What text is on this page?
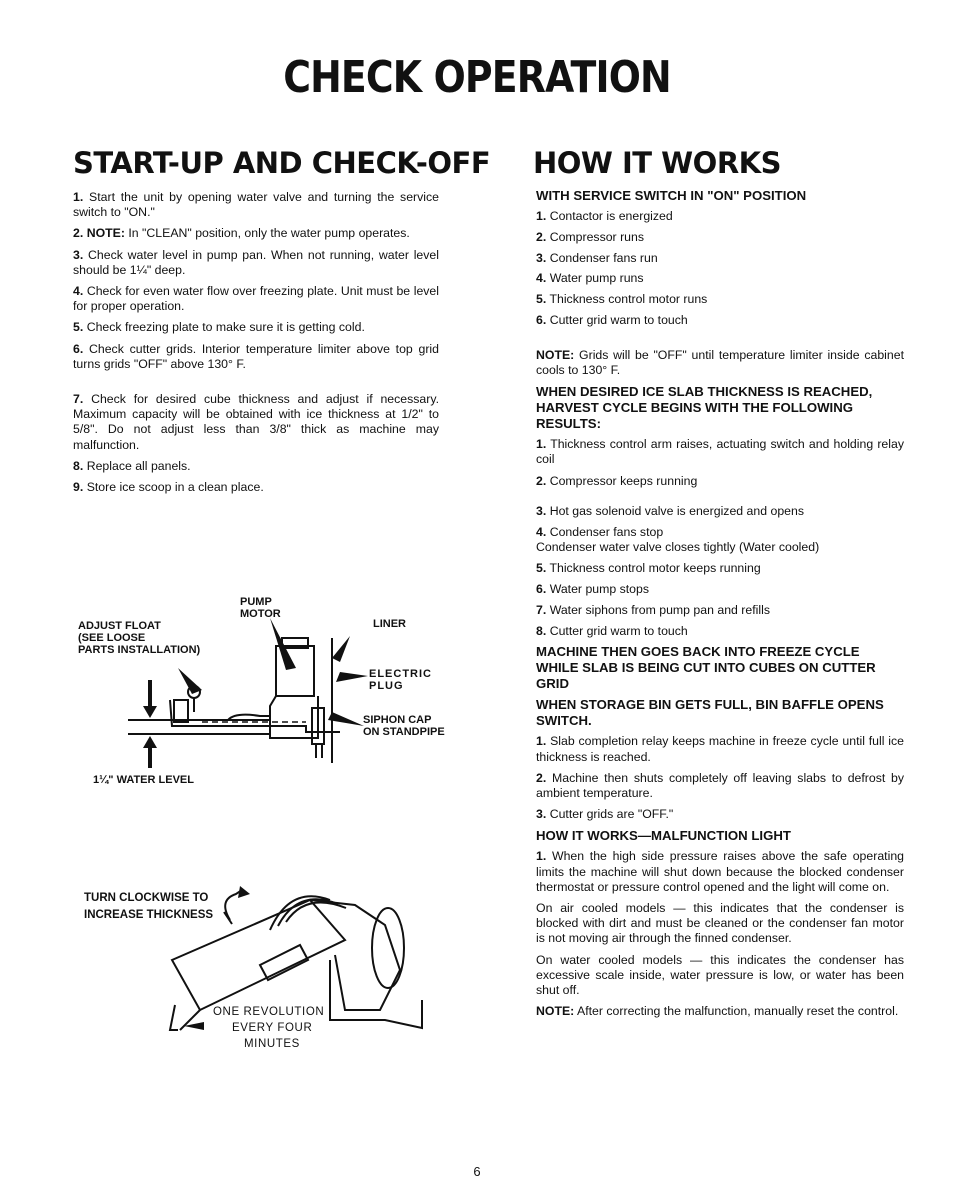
CHECK OPERATION
START-UP AND CHECK-OFF
1. Start the unit by opening water valve and turning the service switch to "ON."
2. NOTE: In "CLEAN" position, only the water pump operates.
3. Check water level in pump pan. When not running, water level should be 1¼" deep.
4. Check for even water flow over freezing plate. Unit must be level for proper operation.
5. Check freezing plate to make sure it is getting cold.
6. Check cutter grids. Interior temperature limiter above top grid turns grids "OFF" above 130° F.
7. Check for desired cube thickness and adjust if necessary. Maximum capacity will be obtained with ice thickness at 1/2" to 5/8". Do not adjust less than 3/8" thick as machine may malfunction.
8. Replace all panels.
9. Store ice scoop in a clean place.
PUMP
MOTOR
ADJUST FLOAT
(SEE LOOSE
PARTS INSTALLATION)
LINER
ELECTRIC
PLUG
SIPHON CAP
ON STANDPIPE
1¼" WATER LEVEL
TURN CLOCKWISE TO
INCREASE THICKNESS
ONE REVOLUTION
EVERY FOUR
MINUTES
HOW IT WORKS
WITH SERVICE SWITCH IN "ON" POSITION
1. Contactor is energized
2. Compressor runs
3. Condenser fans run
4. Water pump runs
5. Thickness control motor runs
6. Cutter grid warm to touch
NOTE: Grids will be "OFF" until temperature limiter inside cabinet cools to 130° F.
WHEN DESIRED ICE SLAB THICKNESS IS REACHED, HARVEST CYCLE BEGINS WITH THE FOLLOWING RESULTS:
1. Thickness control arm raises, actuating switch and holding relay coil
2. Compressor keeps running
3. Hot gas solenoid valve is energized and opens
4. Condenser fans stop
Condenser water valve closes tightly (Water cooled)
5. Thickness control motor keeps running
6. Water pump stops
7. Water siphons from pump pan and refills
8. Cutter grid warm to touch
MACHINE THEN GOES BACK INTO FREEZE CYCLE WHILE SLAB IS BEING CUT INTO CUBES ON CUTTER GRID
WHEN STORAGE BIN GETS FULL, BIN BAFFLE OPENS SWITCH.
1. Slab completion relay keeps machine in freeze cycle until full ice thickness is reached.
2. Machine then shuts completely off leaving slabs to defrost by ambient temperature.
3. Cutter grids are "OFF."
HOW IT WORKS—MALFUNCTION LIGHT
1. When the high side pressure raises above the safe operating limits the machine will shut down because the blocked condenser thermostat or pressure control opened and the light will come on.
On air cooled models — this indicates that the condenser is blocked with dirt and must be cleaned or the condenser fan motor is not moving air through the finned condenser.
On water cooled models — this indicates the condenser has excessive scale inside, water pressure is low, or water has been shut off.
NOTE: After correcting the malfunction, manually reset the control.
6
